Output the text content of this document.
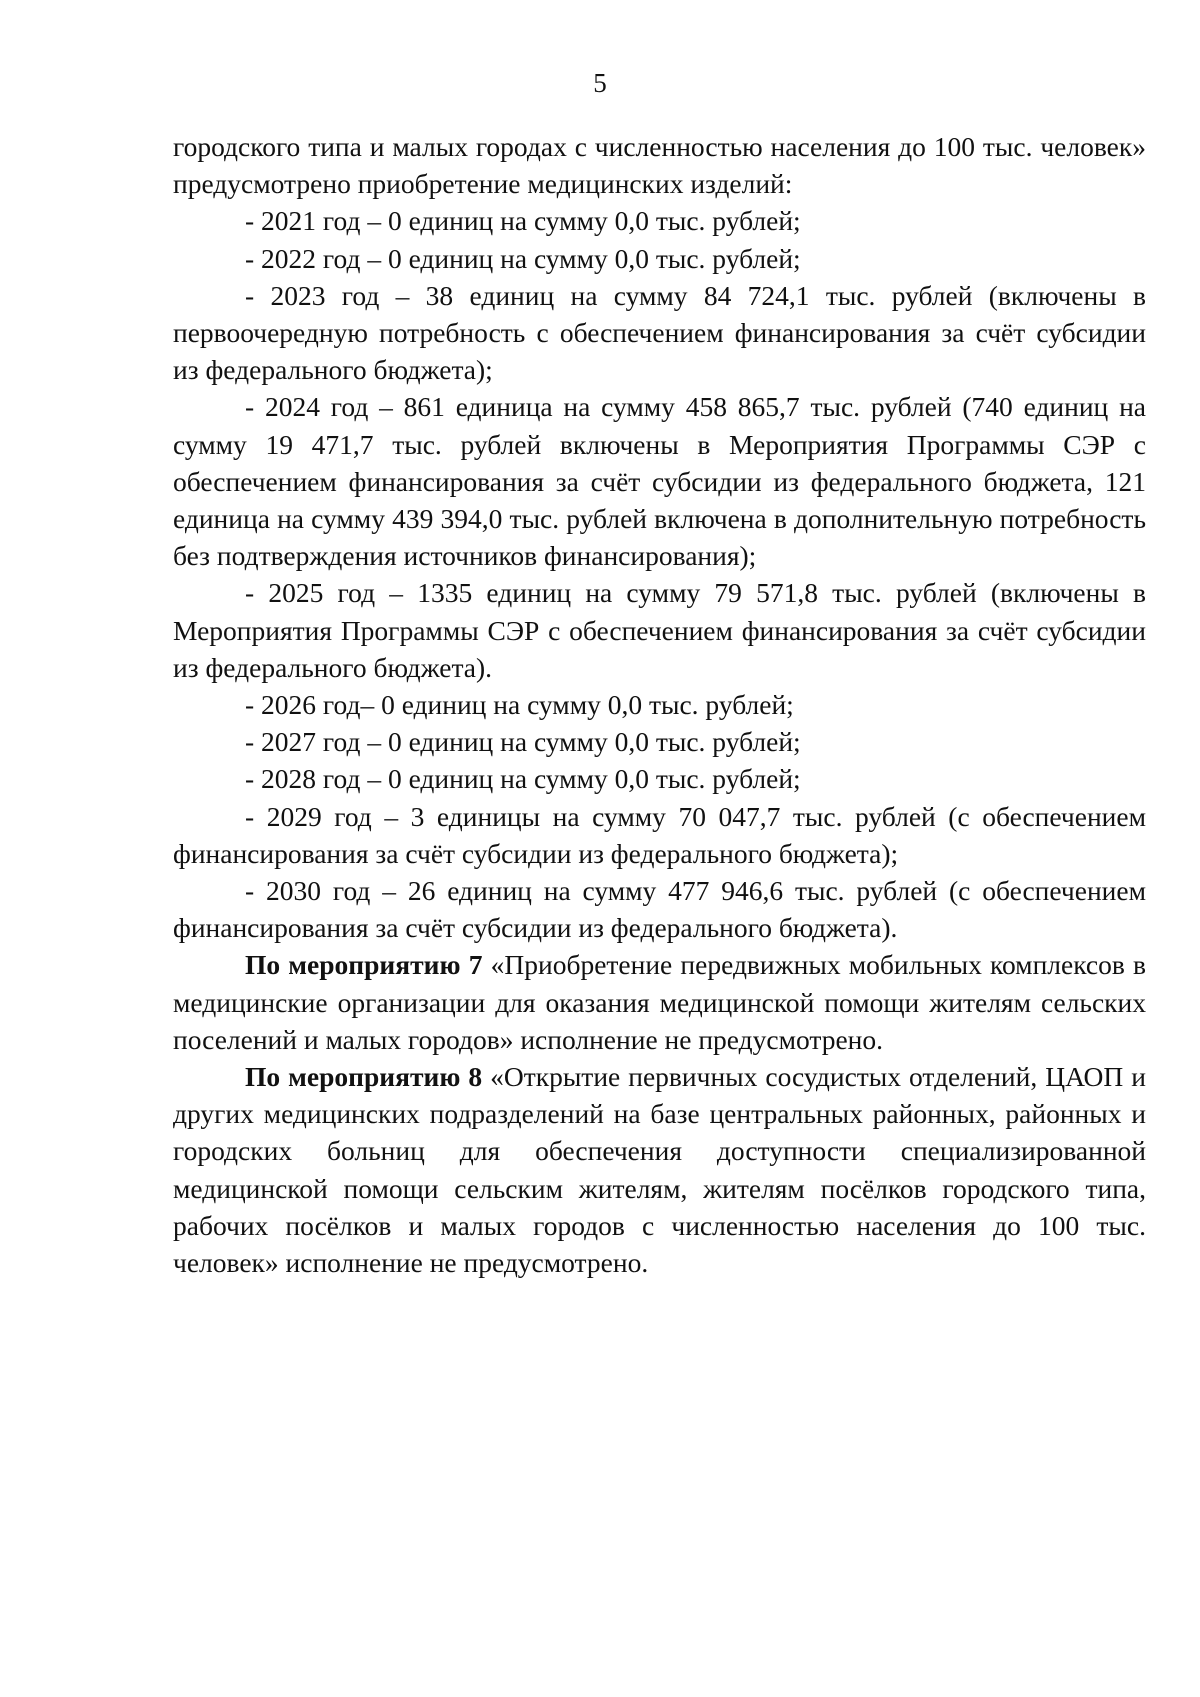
5

городского типа и малых городах с численностью населения до 100 тыс. человек» предусмотрено приобретение медицинских изделий:

- 2021 год – 0 единиц на сумму 0,0 тыс. рублей;

- 2022 год – 0 единиц на сумму 0,0 тыс. рублей;

- 2023 год – 38 единиц на сумму 84 724,1 тыс. рублей (включены в первоочередную потребность с обеспечением финансирования за счёт субсидии из федерального бюджета);

- 2024 год – 861 единица на сумму 458 865,7 тыс. рублей (740 единиц на сумму 19 471,7 тыс. рублей включены в Мероприятия Программы СЭР с обеспечением финансирования за счёт субсидии из федерального бюджета, 121 единица на сумму 439 394,0 тыс. рублей включена в дополнительную потребность без подтверждения источников финансирования);

- 2025 год – 1335 единиц на сумму 79 571,8 тыс. рублей (включены в Мероприятия Программы СЭР с обеспечением финансирования за счёт субсидии из федерального бюджета).

- 2026 год– 0 единиц на сумму 0,0 тыс. рублей;

- 2027 год – 0 единиц на сумму 0,0 тыс. рублей;

- 2028 год – 0 единиц на сумму 0,0 тыс. рублей;

- 2029 год – 3 единицы на сумму 70 047,7 тыс. рублей (с обеспечением финансирования за счёт субсидии из федерального бюджета);

- 2030 год – 26 единиц на сумму 477 946,6 тыс. рублей (с обеспечением финансирования за счёт субсидии из федерального бюджета).

По мероприятию 7 «Приобретение передвижных мобильных комплексов в медицинские организации для оказания медицинской помощи жителям сельских поселений и малых городов» исполнение не предусмотрено.

По мероприятию 8 «Открытие первичных сосудистых отделений, ЦАОП и других медицинских подразделений на базе центральных районных, районных и городских больниц для обеспечения доступности специализированной медицинской помощи сельским жителям, жителям посёлков городского типа, рабочих посёлков и малых городов с численностью населения до 100 тыс. человек» исполнение не предусмотрено.
